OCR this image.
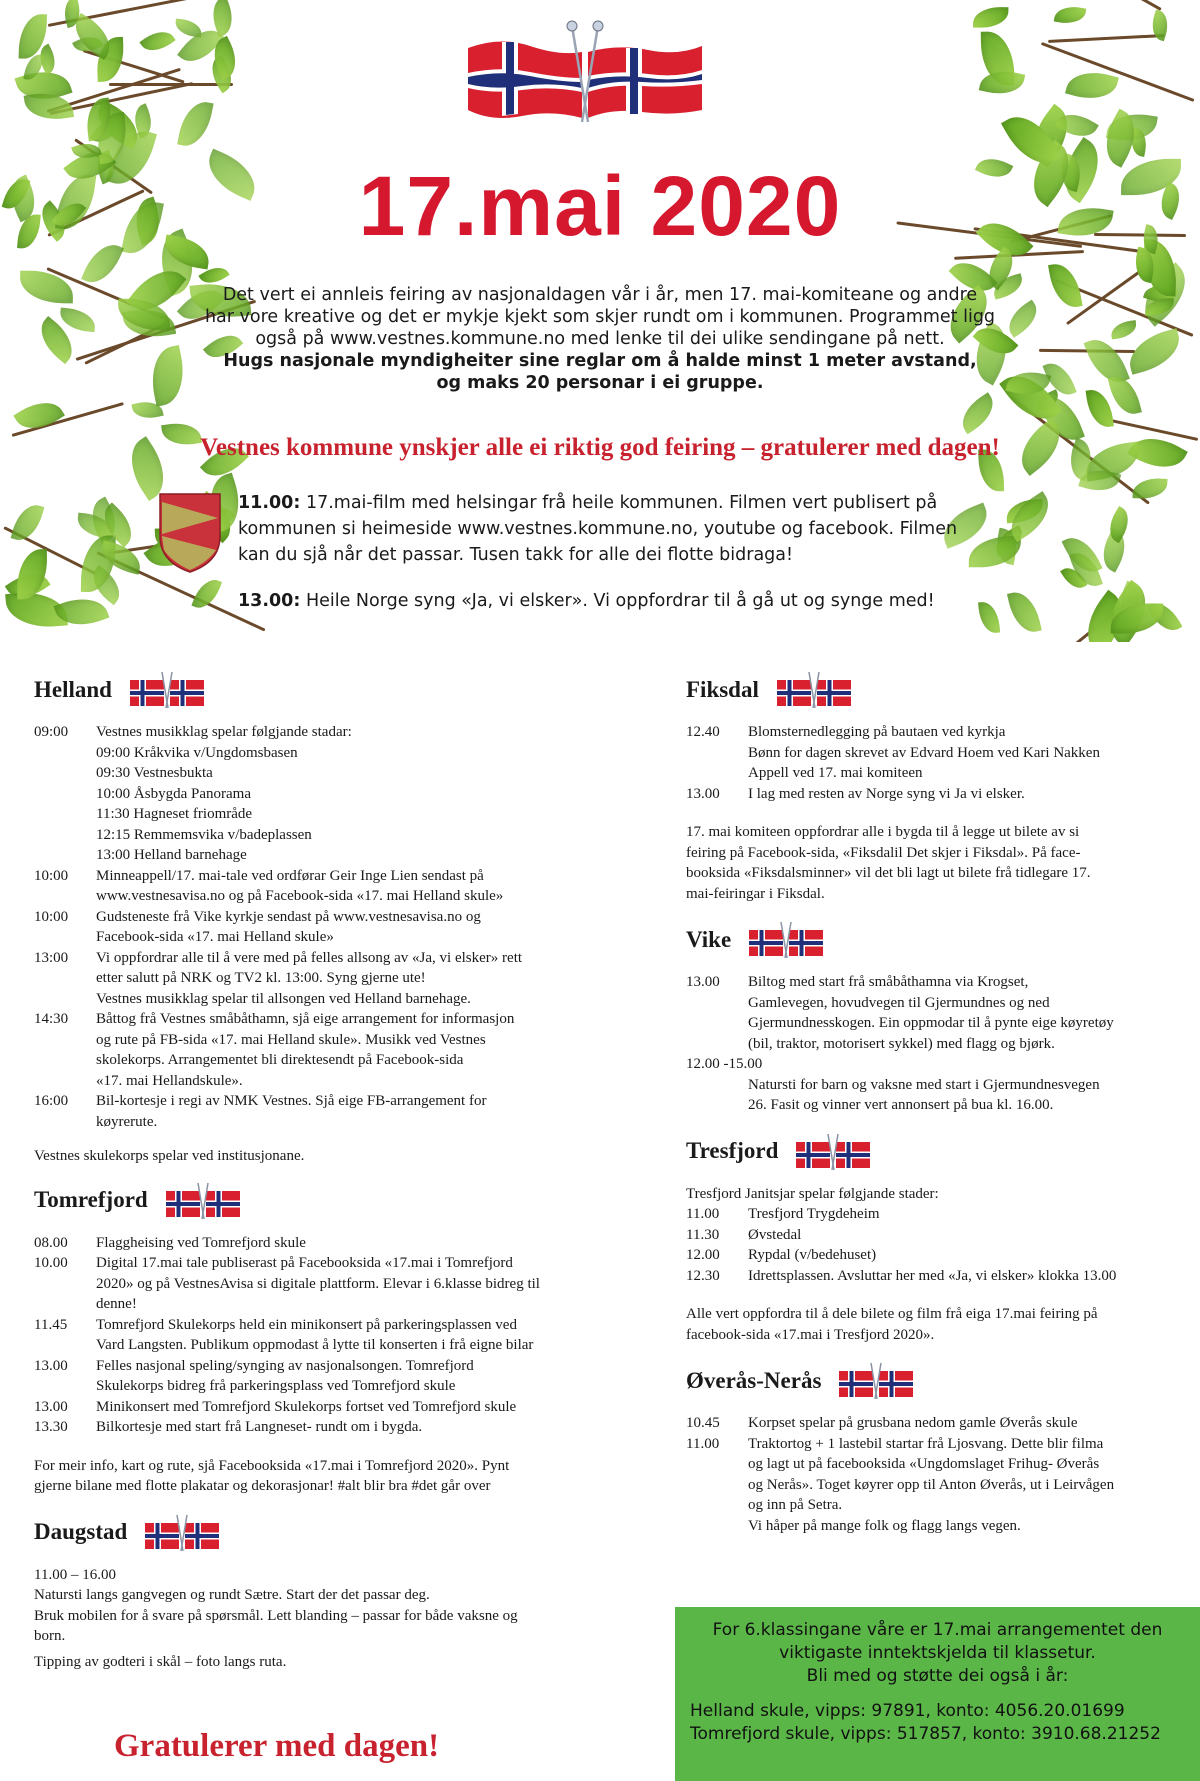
17.mai 2020
Det vert ei annleis feiring av nasjonaldagen vår i år, men 17. mai-komiteane og andre
har vore kreative og det er mykje kjekt som skjer rundt om i kommunen. Programmet ligg
også på www.vestnes.kommune.no med lenke til dei ulike sendingane på nett.
Hugs nasjonale myndigheiter sine reglar om å halde minst 1 meter avstand,
og maks 20 personar i ei gruppe.
Vestnes kommune ynskjer alle ei riktig god feiring – gratulerer med dagen!
11.00: 17.mai-film med helsingar frå heile kommunen. Filmen vert publisert på
kommunen si heimeside www.vestnes.kommune.no, youtube og facebook. Filmen
kan du sjå når det passar. Tusen takk for alle dei flotte bidraga!
13.00: Heile Norge syng «Ja, vi elsker». Vi oppfordrar til å gå ut og synge med!
Helland
09:00	Vestnes musikklag spelar følgjande stadar:
09:00 Kråkvika v/Ungdomsbasen
09:30 Vestnesbukta
10:00 Åsbygda Panorama
11:30 Hagneset friområde
12:15 Remmemsvika v/badeplassen
13:00 Helland barnehage
10:00	Minneappell/17. mai-tale ved ordførar Geir Inge Lien sendast på
www.vestnesavisa.no og på Facebook-sida «17. mai Helland skule»
10:00	Gudsteneste frå Vike kyrkje sendast på www.vestnesavisa.no og
Facebook-sida «17. mai Helland skule»
13:00	Vi oppfordrar alle til å vere med på felles allsong av «Ja, vi elsker» rett
etter salutt på NRK og TV2 kl. 13:00. Syng gjerne ute!
Vestnes musikklag spelar til allsongen ved Helland barnehage.
14:30	Båttog frå Vestnes småbåthamn, sjå eige arrangement for informasjon
og rute på FB-sida «17. mai Helland skule». Musikk ved Vestnes
skolekorps. Arrangementet bli direktesendt på Facebook-sida
«17. mai Hellandskule».
16:00	Bil-kortesje i regi av NMK Vestnes. Sjå eige FB-arrangement for
køyrerute.

Vestnes skulekorps spelar ved institusjonane.

Tomrefjord
08.00	Flaggheising ved Tomrefjord skule
10.00	Digital 17.mai tale publiserast på Facebooksida «17.mai i Tomrefjord
2020» og på VestnesAvisa si digitale plattform. Elevar i 6.klasse bidreg til
denne!
11.45	Tomrefjord Skulekorps held ein minikonsert på parkeringsplassen ved
Vard Langsten. Publikum oppmodast å lytte til konserten i frå eigne bilar
13.00	Felles nasjonal speling/synging av nasjonalsongen. Tomrefjord
Skulekorps bidreg frå parkeringsplass ved Tomrefjord skule
13.00	Minikonsert med Tomrefjord Skulekorps fortset ved Tomrefjord skule
13.30	Bilkortesje med start frå Langneset- rundt om i bygda.

For meir info, kart og rute, sjå Facebooksida «17.mai i Tomrefjord 2020». Pynt
gjerne bilane med flotte plakatar og dekorasjonar! #alt blir bra #det går over

Daugstad
11.00 – 16.00
Natursti langs gangvegen og rundt Sætre. Start der det passar deg.
Bruk mobilen for å svare på spørsmål. Lett blanding – passar for både vaksne og
born.
Tipping av godteri i skål – foto langs ruta.
Fiksdal
12.40	Blomsternedlegging på bautaen ved kyrkja
Bønn for dagen skrevet av Edvard Hoem ved Kari Nakken
Appell ved 17. mai komiteen
13.00	I lag med resten av Norge syng vi Ja vi elsker.

17. mai komiteen oppfordrar alle i bygda til å legge ut bilete av si
feiring på Facebook-sida, «Fiksdalil Det skjer i Fiksdal». På face-
booksida «Fiksdalsminner» vil det bli lagt ut bilete frå tidlegare 17.
mai-feiringar i Fiksdal.

Vike
13.00	Biltog med start frå småbåthamna via Krogset,
Gamlevegen, hovudvegen til Gjermundnes og ned
Gjermundnesskogen. Ein oppmodar til å pynte eige køyretøy
(bil, traktor, motorisert sykkel) med flagg og bjørk.
12.00 -15.00
Natursti for barn og vaksne med start i Gjermundnesvegen
26. Fasit og vinner vert annonsert på bua kl. 16.00.
Tresfjord
Tresfjord Janitsjar spelar følgjande stader:
11.00	Tresfjord Trygdeheim
11.30	Øvstedal
12.00	Rypdal (v/bedehuset)
12.30	Idrettsplassen. Avsluttar her med «Ja, vi elsker» klokka 13.00

Alle vert oppfordra til å dele bilete og film frå eiga 17.mai feiring på
facebook-sida «17.mai i Tresfjord 2020».

Øverås-Nerås
10.45	Korpset spelar på grusbana nedom gamle Øverås skule
11.00	Traktortog + 1 lastebil startar frå Ljosvang. Dette blir filma
og lagt ut på facebooksida «Ungdomslaget Frihug- Øverås
og Nerås». Toget køyrer opp til Anton Øverås, ut i Leirvågen
og inn på Setra.
Vi håper på mange folk og flagg langs vegen.
For 6.klassingane våre er 17.mai arrangementet den
viktigaste inntektskjelda til klassetur.
Bli med og støtte dei også i år:
Helland skule, vipps: 97891, konto: 4056.20.01699
Tomrefjord skule, vipps: 517857, konto: 3910.68.21252
Gratulerer med dagen!
